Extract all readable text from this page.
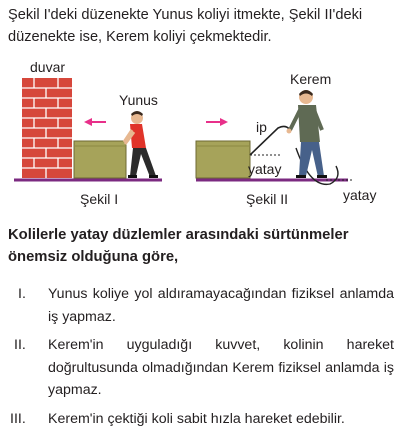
Şekil I'deki düzenekte Yunus koliyi itmekte, Şekil II'deki düzenekte ise, Kerem koliyi çekmektedir.
duvar
Yunus
Şekil I
ip
yatay
Kerem
yatay
Şekil II
Kolilerle yatay düzlemler arasındaki sürtünmeler önemsiz olduğuna göre,
I. Yunus koliye yol aldıramayacağından fiziksel anlamda iş yapmaz.
II. Kerem'in uyguladığı kuvvet, kolinin hareket doğrultusunda olmadığından Kerem fiziksel anlamda iş yapmaz.
III. Kerem'in çektiği koli sabit hızla hareket edebilir.
